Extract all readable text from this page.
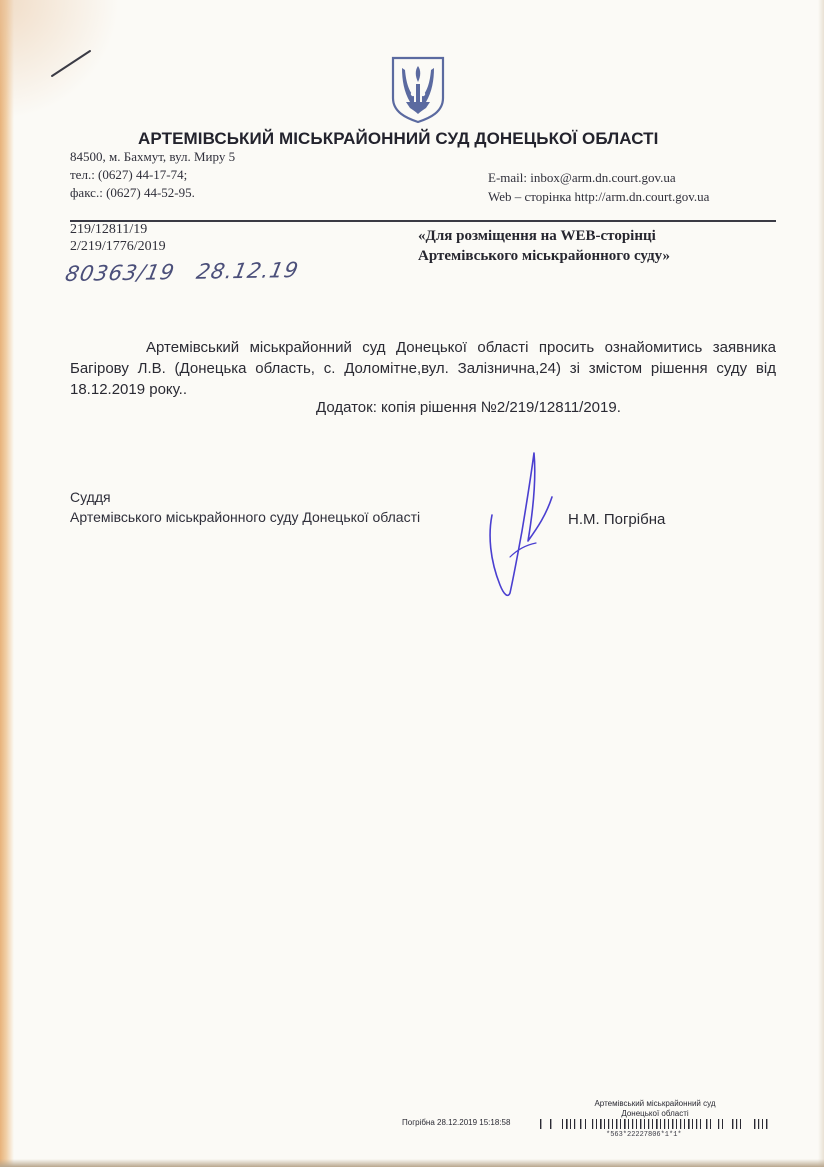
АРТЕМІВСЬКИЙ МІСЬКРАЙОННИЙ СУД ДОНЕЦЬКОЇ ОБЛАСТІ
84500, м. Бахмут, вул. Миру 5
тел.: (0627) 44-17-74;
факс.: (0627) 44-52-95.
E-mail: inbox@arm.dn.court.gov.ua
Web – сторінка http://arm.dn.court.gov.ua
219/12811/19
2/219/1776/2019
80363/19 28.12.19
«Для розміщення на WEB-сторінці
Артемівського міськрайонного суду»
Артемівський міськрайонний суд Донецької області просить ознайомитись заявника Багірову Л.В. (Донецька область, с. Доломітне,вул. Залізнична,24) зі змістом рішення суду від 18.12.2019 року..
Додаток: копія рішення №2/219/12811/2019.
Суддя
Артемівського міськрайонного суду Донецької області	Н.М. Погрібна
Артемівський міськрайонний суд
Донецької області
Погрібна 28.12.2019 15:18:58
*563*22227806*1*1*
